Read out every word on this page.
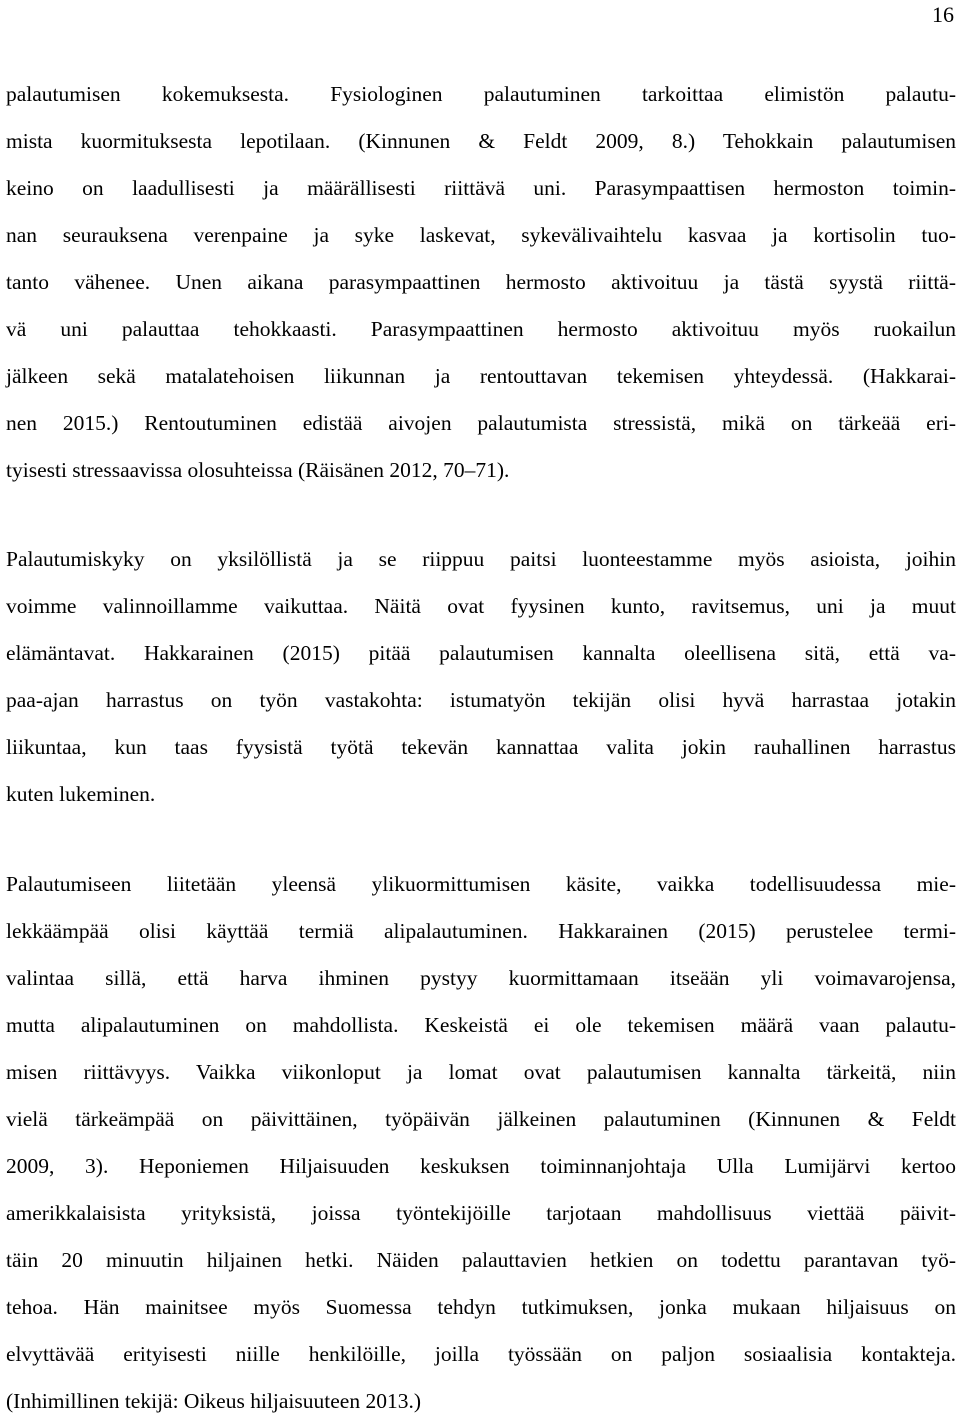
16
palautumisen kokemuksesta. Fysiologinen palautuminen tarkoittaa elimistön palautu-
mista kuormituksesta lepotilaan. (Kinnunen & Feldt 2009, 8.) Tehokkain palautumisen
keino on laadullisesti ja määrällisesti riittävä uni. Parasympaattisen hermoston toimin-
nan seurauksena verenpaine ja syke laskevat, sykevälivaihtelu kasvaa ja kortisolin tuo-
tanto vähenee. Unen aikana parasympaattinen hermosto aktivoituu ja tästä syystä riittä-
vä uni palauttaa tehokkaasti. Parasympaattinen hermosto aktivoituu myös ruokailun
jälkeen sekä matalatehoisen liikunnan ja rentouttavan tekemisen yhteydessä. (Hakkarai-
nen 2015.) Rentoutuminen edistää aivojen palautumista stressistä, mikä on tärkeää eri-
tyisesti stressaavissa olosuhteissa (Räisänen 2012, 70–71).
Palautumiskyky on yksilöllistä ja se riippuu paitsi luonteestamme myös asioista, joihin
voimme valinnoillamme vaikuttaa. Näitä ovat fyysinen kunto, ravitsemus, uni ja muut
elämäntavat. Hakkarainen (2015) pitää palautumisen kannalta oleellisena sitä, että va-
paa-ajan harrastus on työn vastakohta: istumatyön tekijän olisi hyvä harrastaa jotakin
liikuntaa, kun taas fyysistä työtä tekevän kannattaa valita jokin rauhallinen harrastus
kuten lukeminen.
Palautumiseen liitetään yleensä ylikuormittumisen käsite, vaikka todellisuudessa mie-
lekkäämpää olisi käyttää termiä alipalautuminen. Hakkarainen (2015) perustelee termi-
valintaa sillä, että harva ihminen pystyy kuormittamaan itseään yli voimavarojensa,
mutta alipalautuminen on mahdollista. Keskeistä ei ole tekemisen määrä vaan palautu-
misen riittävyys. Vaikka viikonloput ja lomat ovat palautumisen kannalta tärkeitä, niin
vielä tärkeämpää on päivittäinen, työpäivän jälkeinen palautuminen (Kinnunen & Feldt
2009, 3). Heponiemen Hiljaisuuden keskuksen toiminnanjohtaja Ulla Lumijärvi kertoo
amerikkalaisista yrityksistä, joissa työntekijöille tarjotaan mahdollisuus viettää päivit-
täin 20 minuutin hiljainen hetki. Näiden palauttavien hetkien on todettu parantavan työ-
tehoa. Hän mainitsee myös Suomessa tehdyn tutkimuksen, jonka mukaan hiljaisuus on
elvyttävää erityisesti niille henkilöille, joilla työssään on paljon sosiaalisia kontakteja.
(Inhimillinen tekijä: Oikeus hiljaisuuteen 2013.)
